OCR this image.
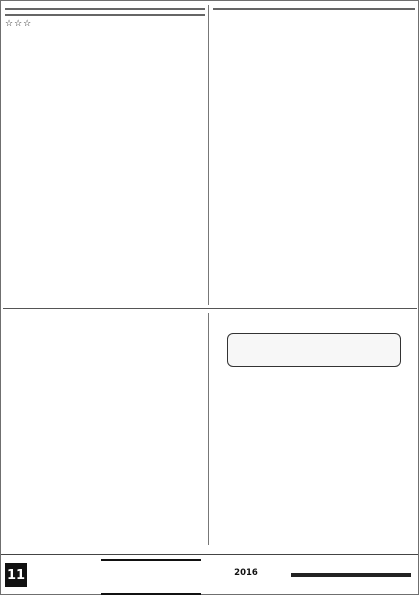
☆☆☆

11	2016
